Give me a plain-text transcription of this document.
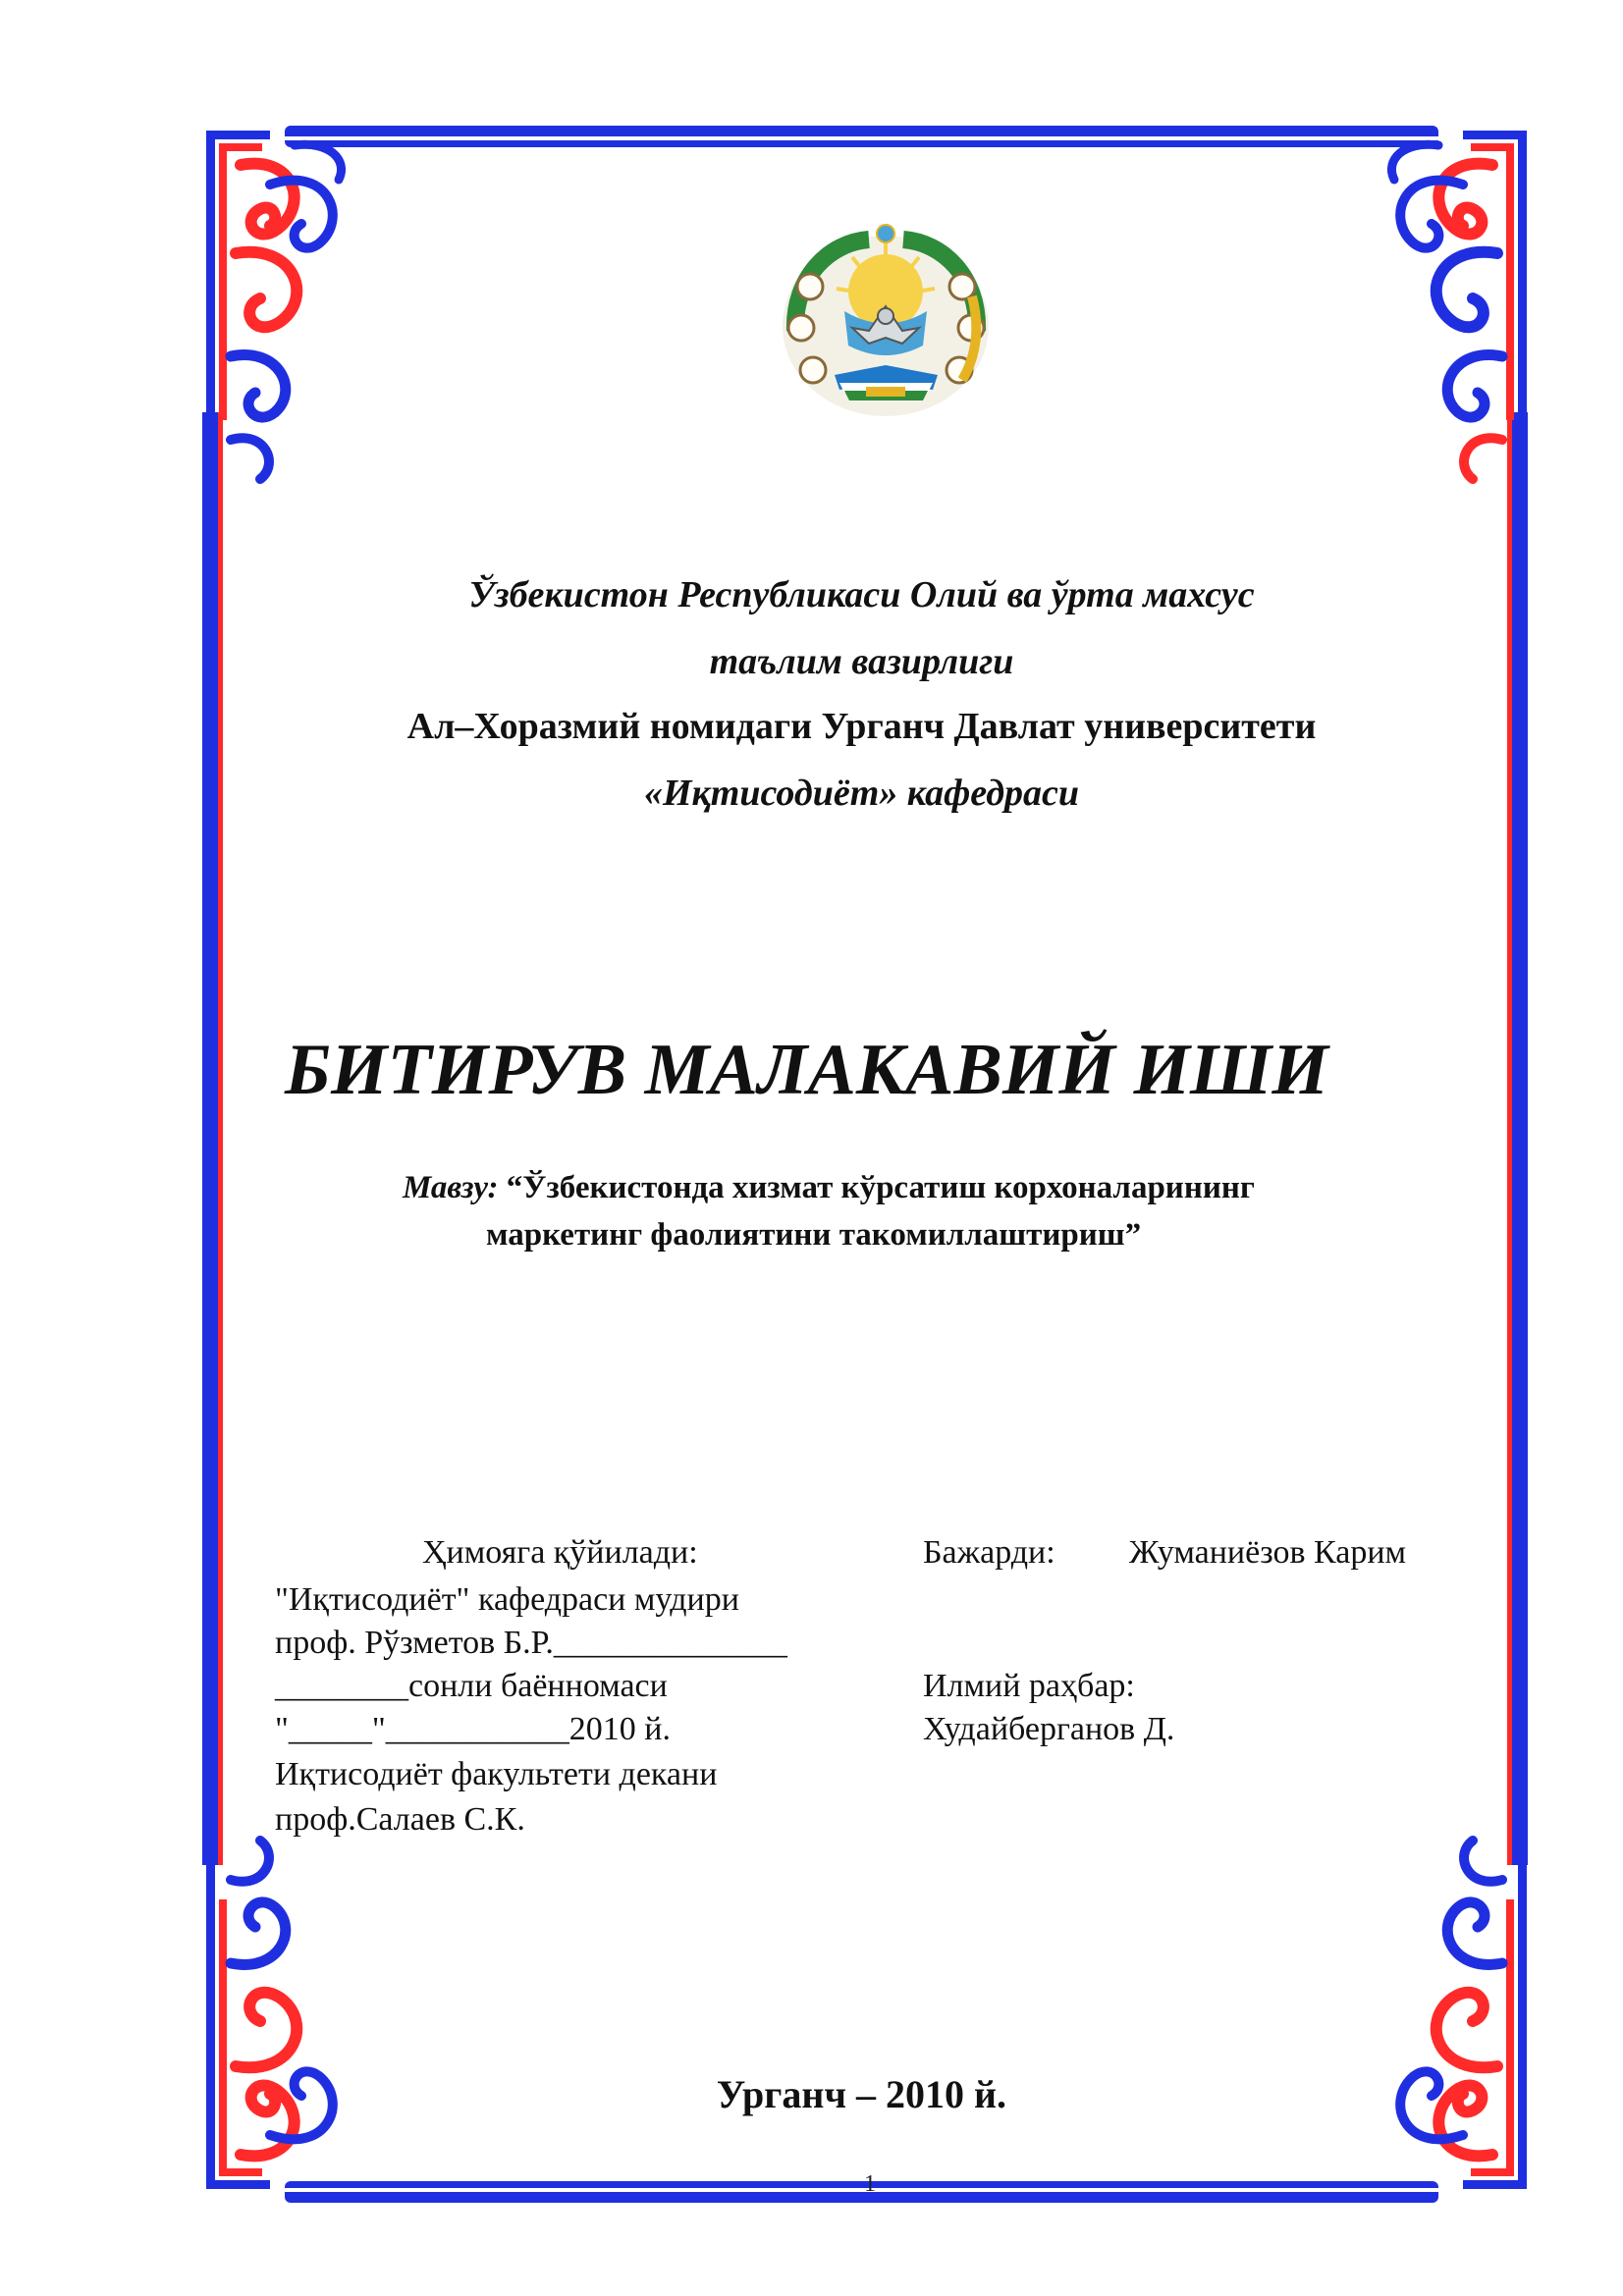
Ўзбекистон Республикаси Олий ва ўрта махсус
таълим вазирлиги
Ал–Хоразмий номидаги Урганч Давлат университети
«Иқтисодиёт» кафедраси
БИТИРУВ МАЛАКАВИЙ ИШИ
Мавзу: “Ўзбекистонда хизмат кўрсатиш корхоналарининг
маркетинг фаолиятини такомиллаштириш”
Ҳимояга қўйилади:
"Иқтисодиёт" кафедраси мудири
проф. Рўзметов Б.Р.______________
________сонли баённомаси
"_____"___________2010 й.
Иқтисодиёт факультети декани
проф.Салаев С.К.
Бажарди: Жуманиёзов Карим
Илмий раҳбар:
Худайберганов Д.
Урганч – 2010 й.
1
